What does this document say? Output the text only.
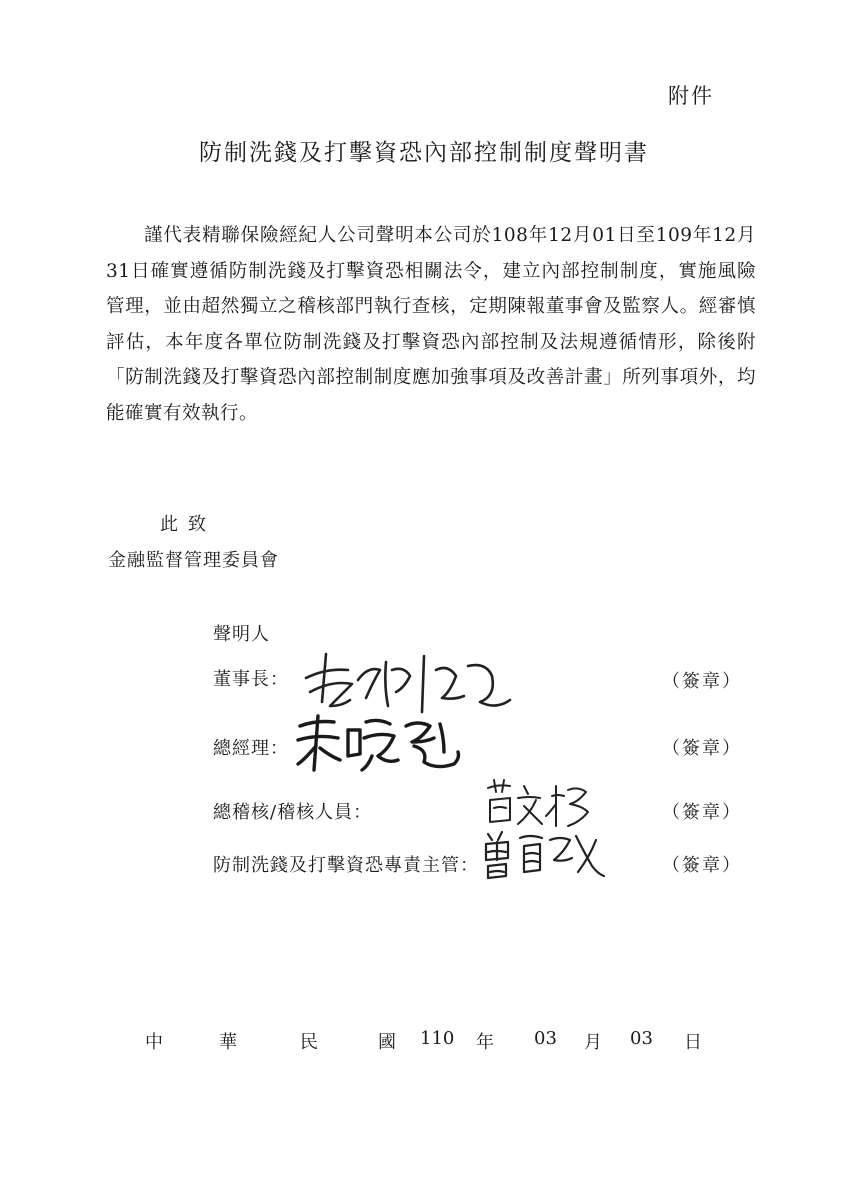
附件
防制洗錢及打擊資恐內部控制制度聲明書
謹代表精聯保險經紀人公司聲明本公司於108年12月01日至109年12月31日確實遵循防制洗錢及打擊資恐相關法令，建立內部控制制度，實施風險管理，並由超然獨立之稽核部門執行查核，定期陳報董事會及監察人。經審慎評估，本年度各單位防制洗錢及打擊資恐內部控制及法規遵循情形，除後附「防制洗錢及打擊資恐內部控制制度應加強事項及改善計畫」所列事項外，均能確實有效執行。
此致
金融監督管理委員會
聲明人
董事長：	（簽章）
總經理：	（簽章）
總稽核/稽核人員：	（簽章）
防制洗錢及打擊資恐專責主管：	（簽章）
中	華	民	國 110 年 03 月 03 日
